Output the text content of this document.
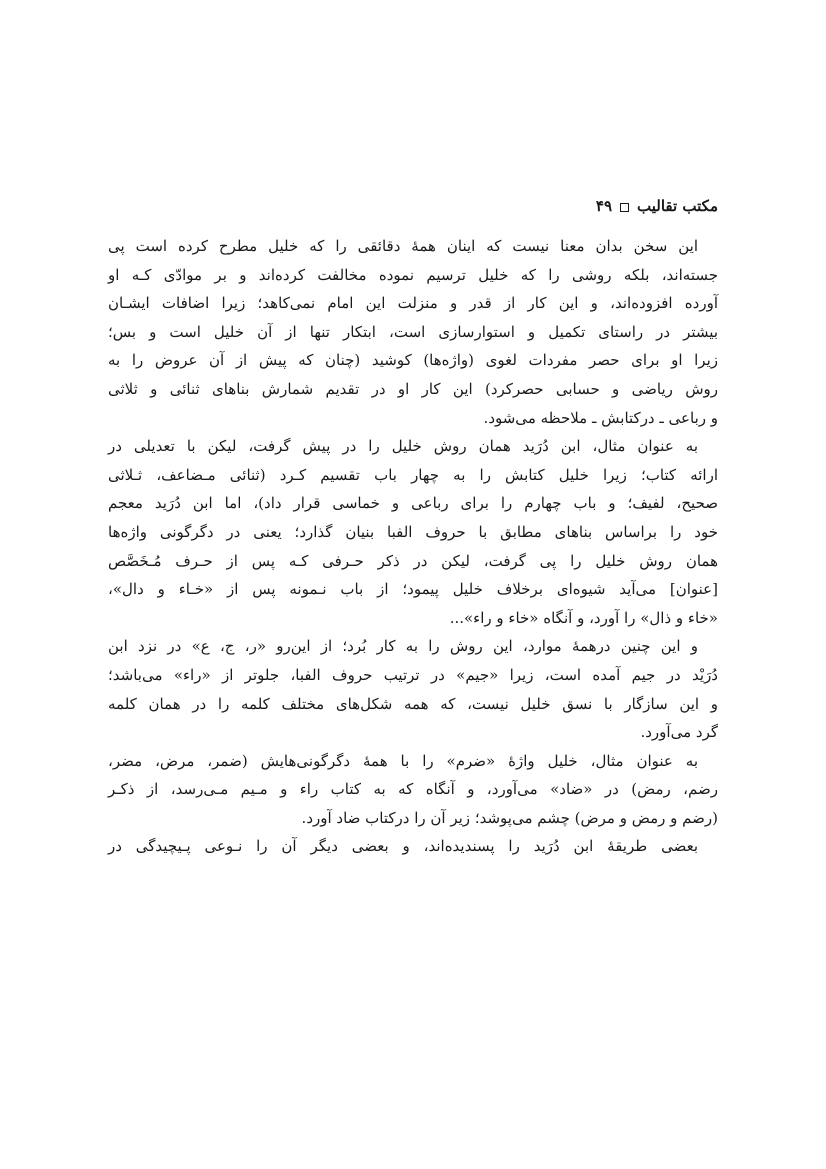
مکتب تقالیب
۴۹
این سخن بدان معنا نیست که اینان همهٔ دقائقی را که خلیل مطرح کرده است پی
جسته‌اند، بلکه روشی را که خلیل ترسیم نموده مخالفت کرده‌اند و بر موادّی کـه او
آورده افزوده‌اند، و این کار از قدر و منزلت این امام نمی‌کاهد؛ زیرا اضافات ایشـان
بیشتر در راستای تکمیل و استوارسازی است، ابتکار تنها از آن خلیل است و بس؛
زیرا او برای حصر مفردات لغوی (واژه‌ها) کوشید (چنان که پیش از آن عروض را به
روش ریاضی و حسابی حصرکرد) این کار او در تقدیم شمارش بناهای ثنائی و ثلاثی
و رباعی ـ درکتابش ـ ملاحظه می‌شود.
به عنوان مثال، ابن دُرَید همان روش خلیل را در پیش گرفت، لیکن با تعدیلی در
ارائه کتاب؛ زیرا خلیل کتابش را به چهار باب تقسیم کـرد (ثنائی مـضاعف، ثـلاثی
صحیح، لفیف؛ و باب چهارم را برای رباعی و خماسی قرار داد)، اما ابن دُرَید معجم
خود را براساس بناهای مطابق با حروف الفبا بنیان گذارد؛ یعنی در دگرگونی واژه‌ها
همان روش خلیل را پی گرفت، لیکن در ذکر حـرفی کـه پس از حـرف مُـخَصَّص
[عنوان] می‌آید شیوه‌ای برخلاف خلیل پیمود؛ از باب نـمونه پس از «خـاء و دال»،
«خاء و ذال» را آورد، و آنگاه «خاء و راء»...
و این چنین درهمهٔ موارد، این روش را به کار بُرد؛ از این‌رو «ر، ج، ع» در نزد ابن
دُرَیْد در جیم آمده است، زیرا «جیم» در ترتیب حروف الفبا، جلوتر از «راء» می‌باشد؛
و این سازگار با نسق خلیل نیست، که همه شکل‌های مختلف کلمه را در همان کلمه
گرد می‌آورد.
به عنوان مثال، خلیل واژهٔ «ضرم» را با همهٔ دگرگونی‌هایش (ضمر، مرض، مضر،
رضم، رمض) در «ضاد» می‌آورد، و آنگاه که به کتاب راء و مـیم مـی‌رسد، از ذکـر
(رضم و رمض و مرض) چشم می‌پوشد؛ زیر آن را درکتاب ضاد آورد.
بعضی طریقهٔ ابن دُرَید را پسندیده‌اند، و بعضی دیگر آن را نـوعی پـیچیدگی در
